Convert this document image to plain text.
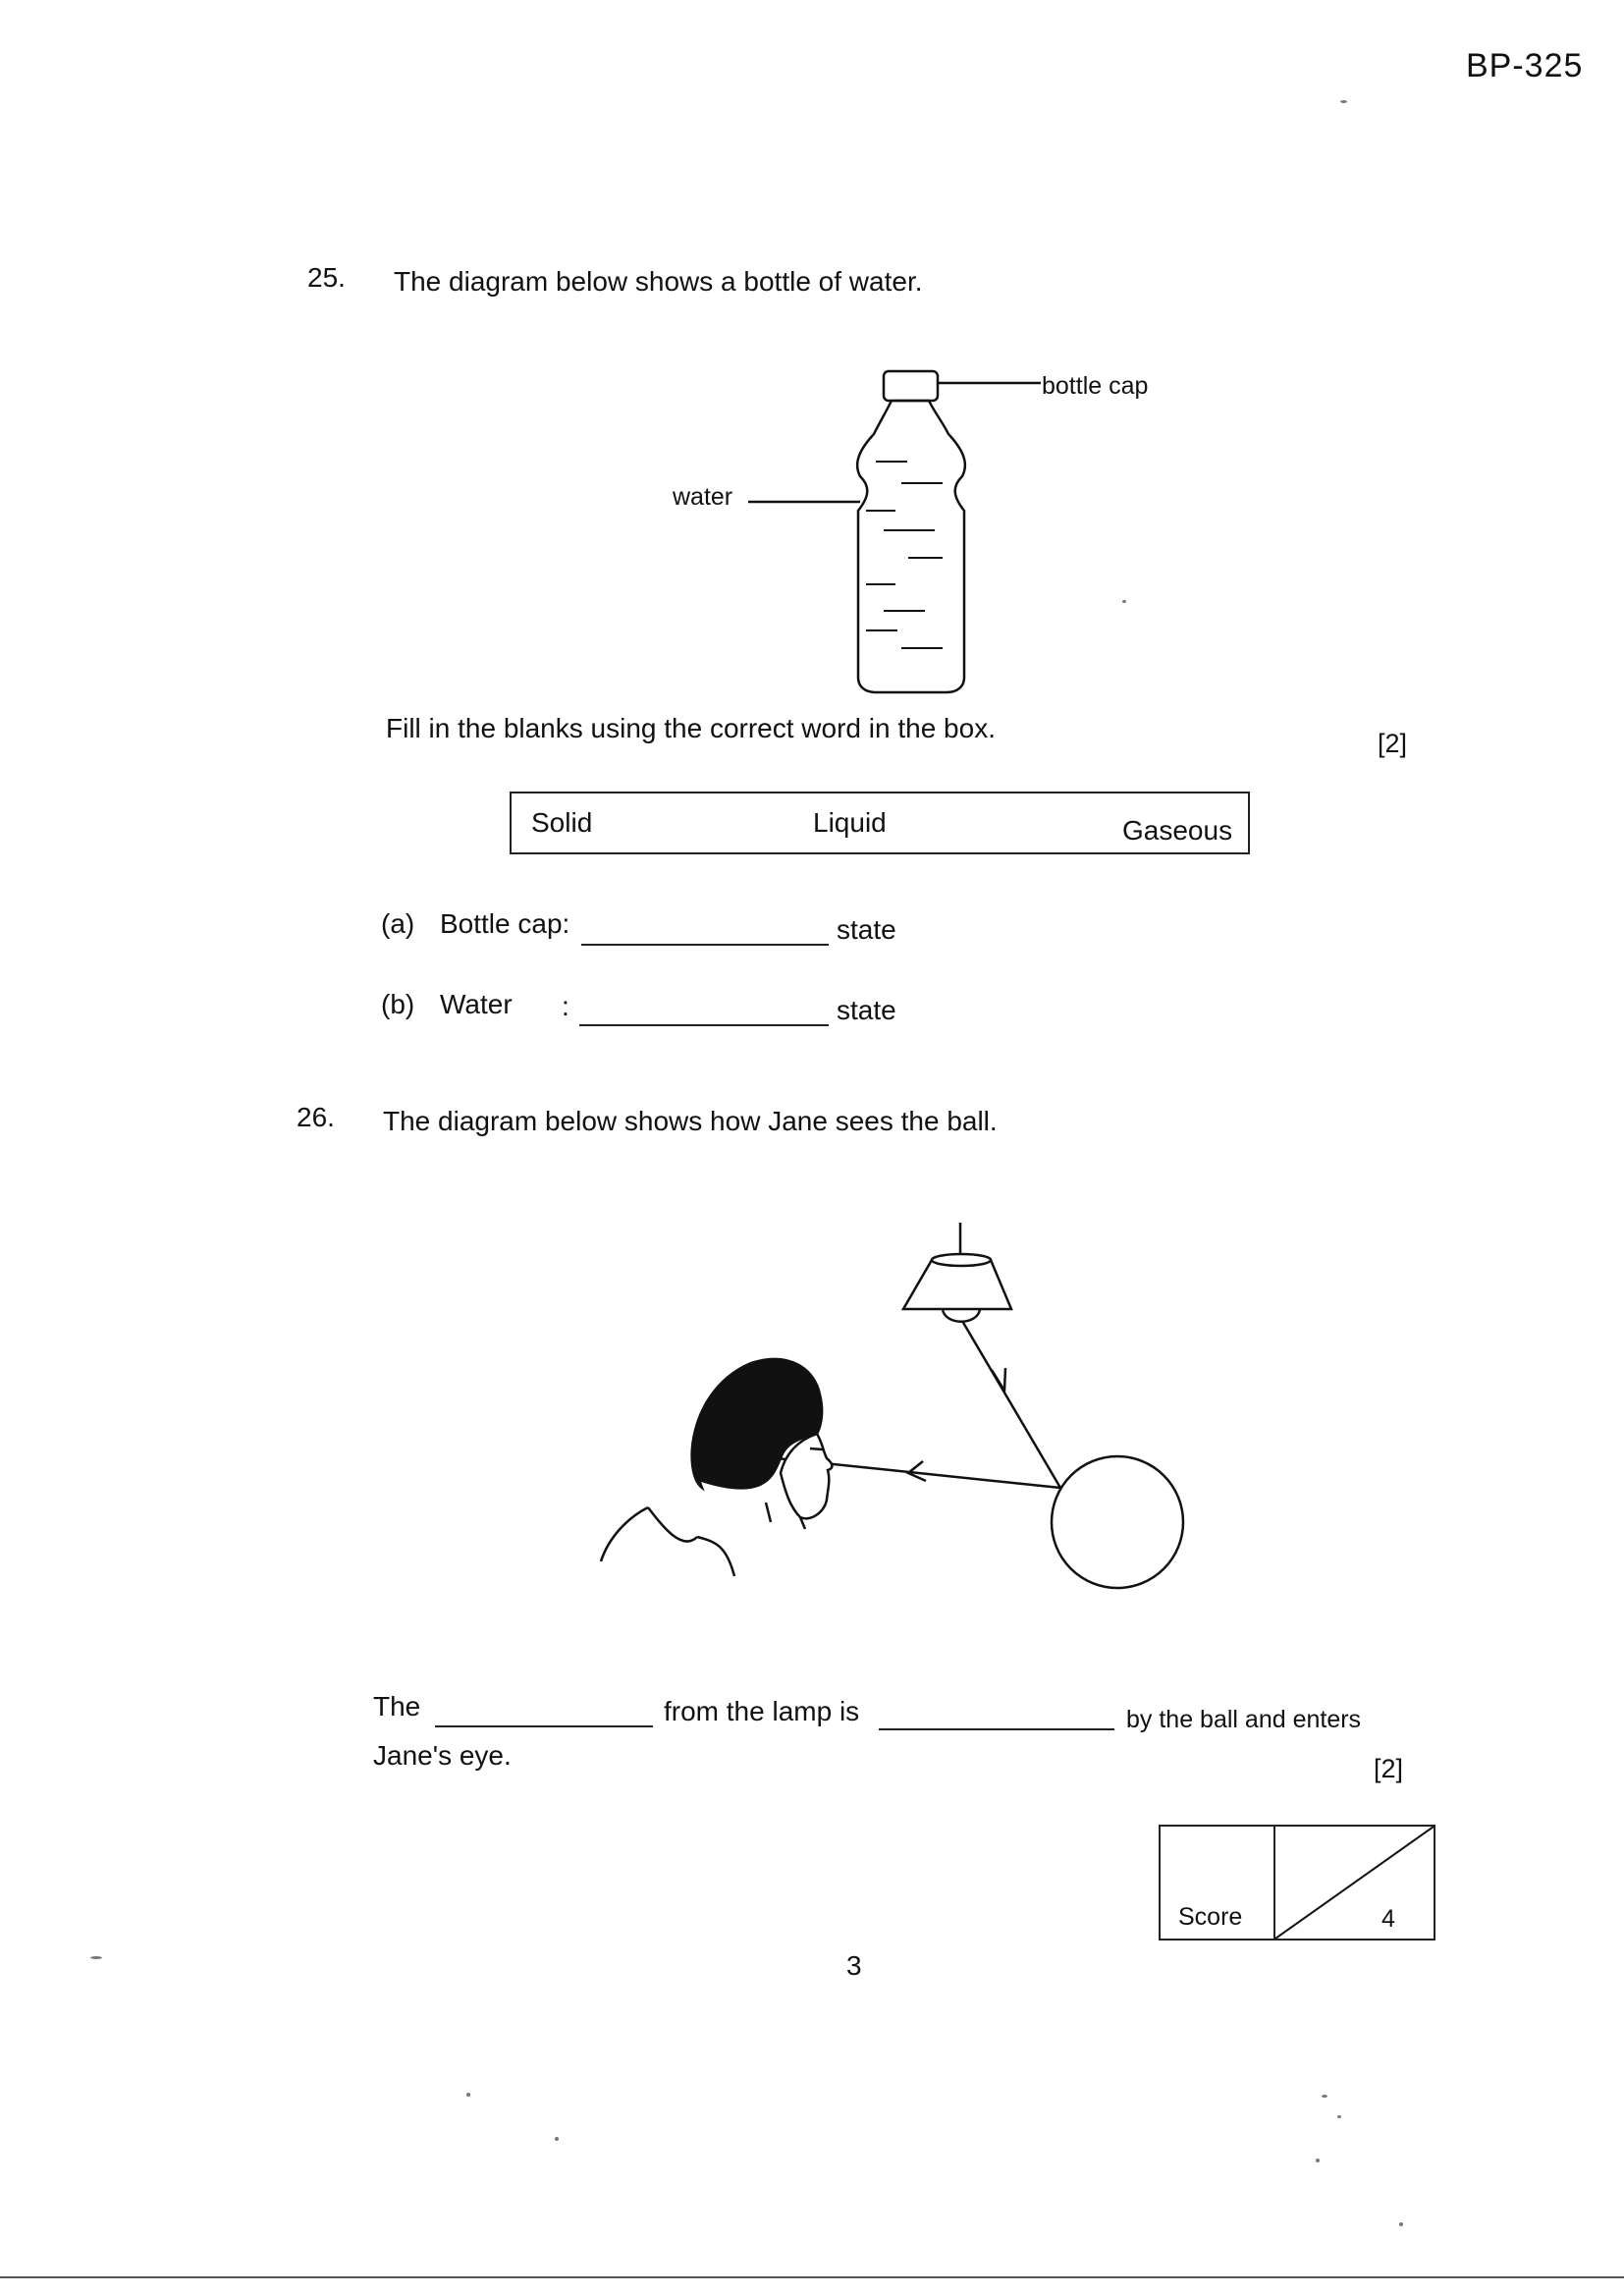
BP-325
25. The diagram below shows a bottle of water.
bottle cap
water
Fill in the blanks using the correct word in the box.	[2]
Solid	Liquid	Gaseous
(a) Bottle cap:	state
(b) Water :	state
26. The diagram below shows how Jane sees the ball.
The	from the lamp is	by the ball and enters
Jane's eye.	[2]
Score	4
3
